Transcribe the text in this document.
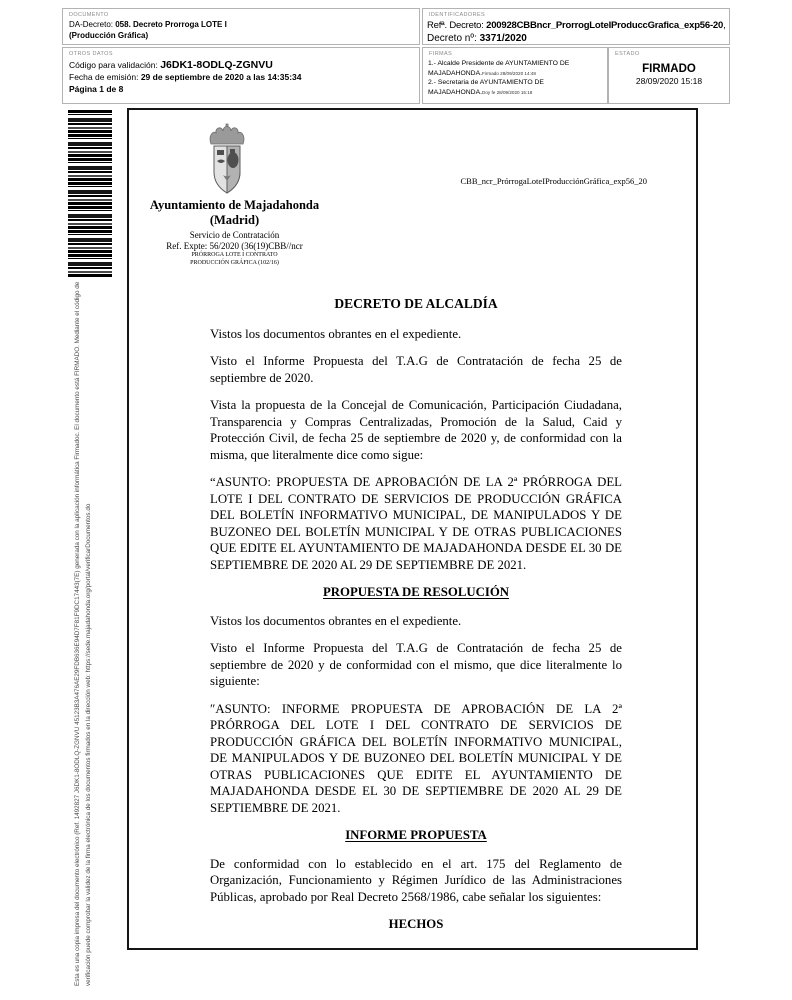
DOCUMENTO
DA-Decreto: 058. Decreto Prorroga LOTE I
(Producción Gráfica)
IDENTIFICADORES
Refª. Decreto: 200928CBBncr_ProrrogLoteIProduccGrafica_exp56-20,
Decreto nº: 3371/2020
OTROS DATOS
Código para validación: J6DK1-8ODLQ-ZGNVU
Fecha de emisión: 29 de septiembre de 2020 a las 14:35:34
Página 1 de 8
FIRMAS
1.- Alcalde Presidente de AYUNTAMIENTO DE MAJADAHONDA.Firmado 28/09/2020 14:48
2.- Secretaria de AYUNTAMIENTO DE MAJADAHONDA.Doy fe 28/09/2020 15:18
ESTADO
FIRMADO
28/09/2020 15:18
Esta es una copia impresa del documento electrónico (Ref. 1492827 J6DK1-8ODLQ-ZGNVU 45123B3A476AE29FDB636E94D7F81F9DC17443(7E) generada con la aplicación informática Firmadoc. El documento está FIRMADO. Mediante el código de verificación puede comprobar la validez de la firma electrónica de los documentos firmados en la dirección web: https://sede.majadahonda.org/portal/verificarDocumentos.do
CBB_ncr_PrórrogaLoteIProducciónGráfica_exp56_20
Ayuntamiento de Majadahonda
(Madrid)
Servicio de Contratación
Ref. Expte: 56/2020 (36(19)CBB//ncr
PRÓRROGA LOTE I CONTRATO
PRODUCCIÓN GRÁFICA (102/16)
DECRETO DE ALCALDÍA

Vistos los documentos obrantes en el expediente.

Visto el Informe Propuesta del T.A.G de Contratación de fecha 25 de septiembre de 2020.

Vista la propuesta de la Concejal de Comunicación, Participación Ciudadana, Transparencia y Compras Centralizadas, Promoción de la Salud, Caid y Protección Civil, de fecha 25 de septiembre de 2020 y, de conformidad con la misma, que literalmente dice como sigue:

“ASUNTO: PROPUESTA DE APROBACIÓN DE LA 2ª PRÓRROGA DEL LOTE I DEL CONTRATO DE SERVICIOS DE PRODUCCIÓN GRÁFICA DEL BOLETÍN INFORMATIVO MUNICIPAL, DE MANIPULADOS Y DE BUZONEO DEL BOLETÍN MUNICIPAL Y DE OTRAS PUBLICACIONES QUE EDITE EL AYUNTAMIENTO DE MAJADAHONDA DESDE EL 30 DE SEPTIEMBRE DE 2020 AL 29 DE SEPTIEMBRE DE 2021.

PROPUESTA DE RESOLUCIÓN

Vistos los documentos obrantes en el expediente.

Visto el Informe Propuesta del T.A.G de Contratación de fecha 25 de septiembre de 2020 y de conformidad con el mismo, que dice literalmente lo siguiente:

″ASUNTO: INFORME PROPUESTA DE APROBACIÓN DE LA 2ª PRÓRROGA DEL LOTE I DEL CONTRATO DE SERVICIOS DE PRODUCCIÓN GRÁFICA DEL BOLETÍN INFORMATIVO MUNICIPAL, DE MANIPULADOS Y DE BUZONEO DEL BOLETÍN MUNICIPAL Y DE OTRAS PUBLICACIONES QUE EDITE EL AYUNTAMIENTO DE MAJADAHONDA DESDE EL 30 DE SEPTIEMBRE DE 2020 AL 29 DE SEPTIEMBRE DE 2021.

INFORME PROPUESTA

De conformidad con lo establecido en el art. 175 del Reglamento de Organización, Funcionamiento y Régimen Jurídico de las Administraciones Públicas, aprobado por Real Decreto 2568/1986, cabe señalar los siguientes:

HECHOS
